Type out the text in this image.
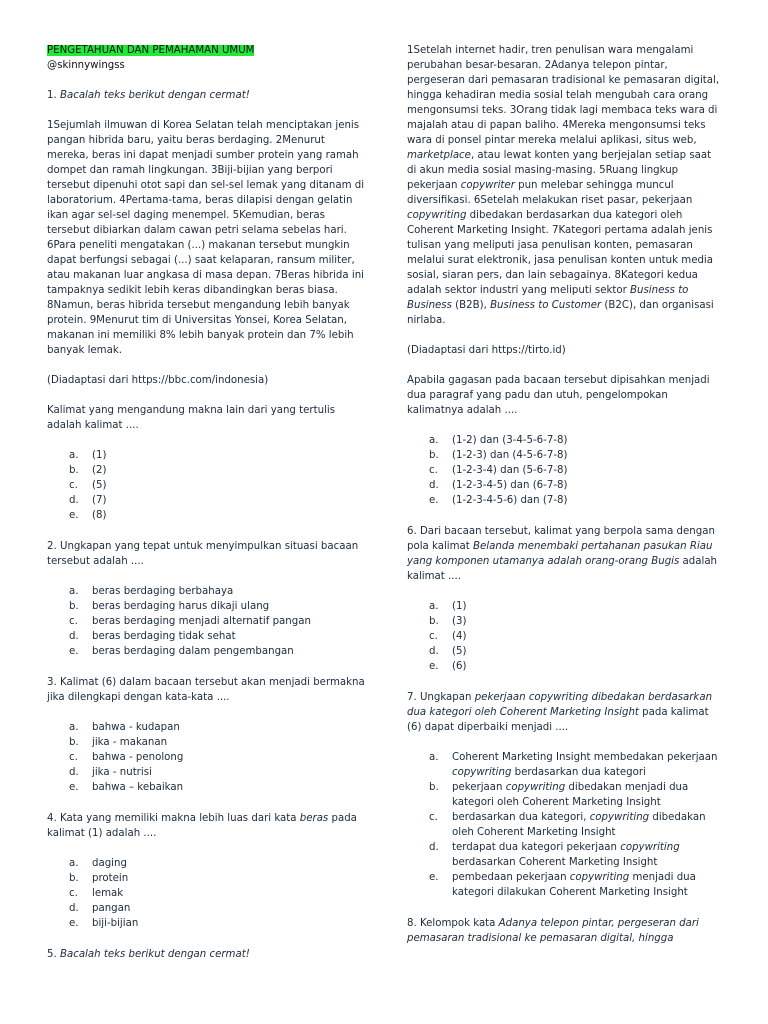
PENGETAHUAN DAN PEMAHAMAN UMUM

@skinnywingss

1. Bacalah teks berikut dengan cermat!

1Sejumlah ilmuwan di Korea Selatan telah menciptakan jenis pangan hibrida baru, yaitu beras berdaging. 2Menurut mereka, beras ini dapat menjadi sumber protein yang ramah dompet dan ramah lingkungan. 3Biji-bijian yang berpori tersebut dipenuhi otot sapi dan sel-sel lemak yang ditanam di laboratorium. 4Pertama-tama, beras dilapisi dengan gelatin ikan agar sel-sel daging menempel. 5Kemudian, beras tersebut dibiarkan dalam cawan petri selama sebelas hari. 6Para peneliti mengatakan (...) makanan tersebut mungkin dapat berfungsi sebagai (...) saat kelaparan, ransum militer, atau makanan luar angkasa di masa depan. 7Beras hibrida ini tampaknya sedikit lebih keras dibandingkan beras biasa. 8Namun, beras hibrida tersebut mengandung lebih banyak protein. 9Menurut tim di Universitas Yonsei, Korea Selatan, makanan ini memiliki 8% lebih banyak protein dan 7% lebih banyak lemak.

(Diadaptasi dari https://bbc.com/indonesia)

Kalimat yang mengandung makna lain dari yang tertulis adalah kalimat ....

a.	(1)
b.	(2)
c.	(5)
d.	(7)
e.	(8)

2. Ungkapan yang tepat untuk menyimpulkan situasi bacaan tersebut adalah ....

a.	beras berdaging berbahaya
b.	beras berdaging harus dikaji ulang
c.	beras berdaging menjadi alternatif pangan
d.	beras berdaging tidak sehat
e.	beras berdaging dalam pengembangan

3. Kalimat (6) dalam bacaan tersebut akan menjadi bermakna jika dilengkapi dengan kata-kata ....

a.	bahwa - kudapan
b.	jika - makanan
c.	bahwa - penolong
d.	jika - nutrisi
e.	bahwa – kebaikan

4. Kata yang memiliki makna lebih luas dari kata beras pada kalimat (1) adalah ....

a.	daging
b.	protein
c.	lemak
d.	pangan
e.	biji-bijian

5. Bacalah teks berikut dengan cermat!

1Setelah internet hadir, tren penulisan wara mengalami perubahan besar-besaran. 2Adanya telepon pintar, pergeseran dari pemasaran tradisional ke pemasaran digital, hingga kehadiran media sosial telah mengubah cara orang mengonsumsi teks. 3Orang tidak lagi membaca teks wara di majalah atau di papan baliho. 4Mereka mengonsumsi teks wara di ponsel pintar mereka melalui aplikasi, situs web, marketplace, atau lewat konten yang berjejalan setiap saat di akun media sosial masing-masing. 5Ruang lingkup pekerjaan copywriter pun melebar sehingga muncul diversifikasi. 6Setelah melakukan riset pasar, pekerjaan copywriting dibedakan berdasarkan dua kategori oleh Coherent Marketing Insight. 7Kategori pertama adalah jenis tulisan yang meliputi jasa penulisan konten, pemasaran melalui surat elektronik, jasa penulisan konten untuk media sosial, siaran pers, dan lain sebagainya. 8Kategori kedua adalah sektor industri yang meliputi sektor Business to Business (B2B), Business to Customer (B2C), dan organisasi nirlaba.

(Diadaptasi dari https://tirto.id)

Apabila gagasan pada bacaan tersebut dipisahkan menjadi dua paragraf yang padu dan utuh, pengelompokan kalimatnya adalah ....

a.	(1-2) dan (3-4-5-6-7-8)
b.	(1-2-3) dan (4-5-6-7-8)
c.	(1-2-3-4) dan (5-6-7-8)
d.	(1-2-3-4-5) dan (6-7-8)
e.	(1-2-3-4-5-6) dan (7-8)

6. Dari bacaan tersebut, kalimat yang berpola sama dengan pola kalimat Belanda menembaki pertahanan pasukan Riau yang komponen utamanya adalah orang-orang Bugis adalah kalimat ....

a.	(1)
b.	(3)
c.	(4)
d.	(5)
e.	(6)

7. Ungkapan pekerjaan copywriting dibedakan berdasarkan dua kategori oleh Coherent Marketing Insight pada kalimat (6) dapat diperbaiki menjadi ....

a.	Coherent Marketing Insight membedakan pekerjaan copywriting berdasarkan dua kategori
b.	pekerjaan copywriting dibedakan menjadi dua kategori oleh Coherent Marketing Insight
c.	berdasarkan dua kategori, copywriting dibedakan oleh Coherent Marketing Insight
d.	terdapat dua kategori pekerjaan copywriting berdasarkan Coherent Marketing Insight
e.	pembedaan pekerjaan copywriting menjadi dua kategori dilakukan Coherent Marketing Insight

8. Kelompok kata Adanya telepon pintar, pergeseran dari pemasaran tradisional ke pemasaran digital, hingga
